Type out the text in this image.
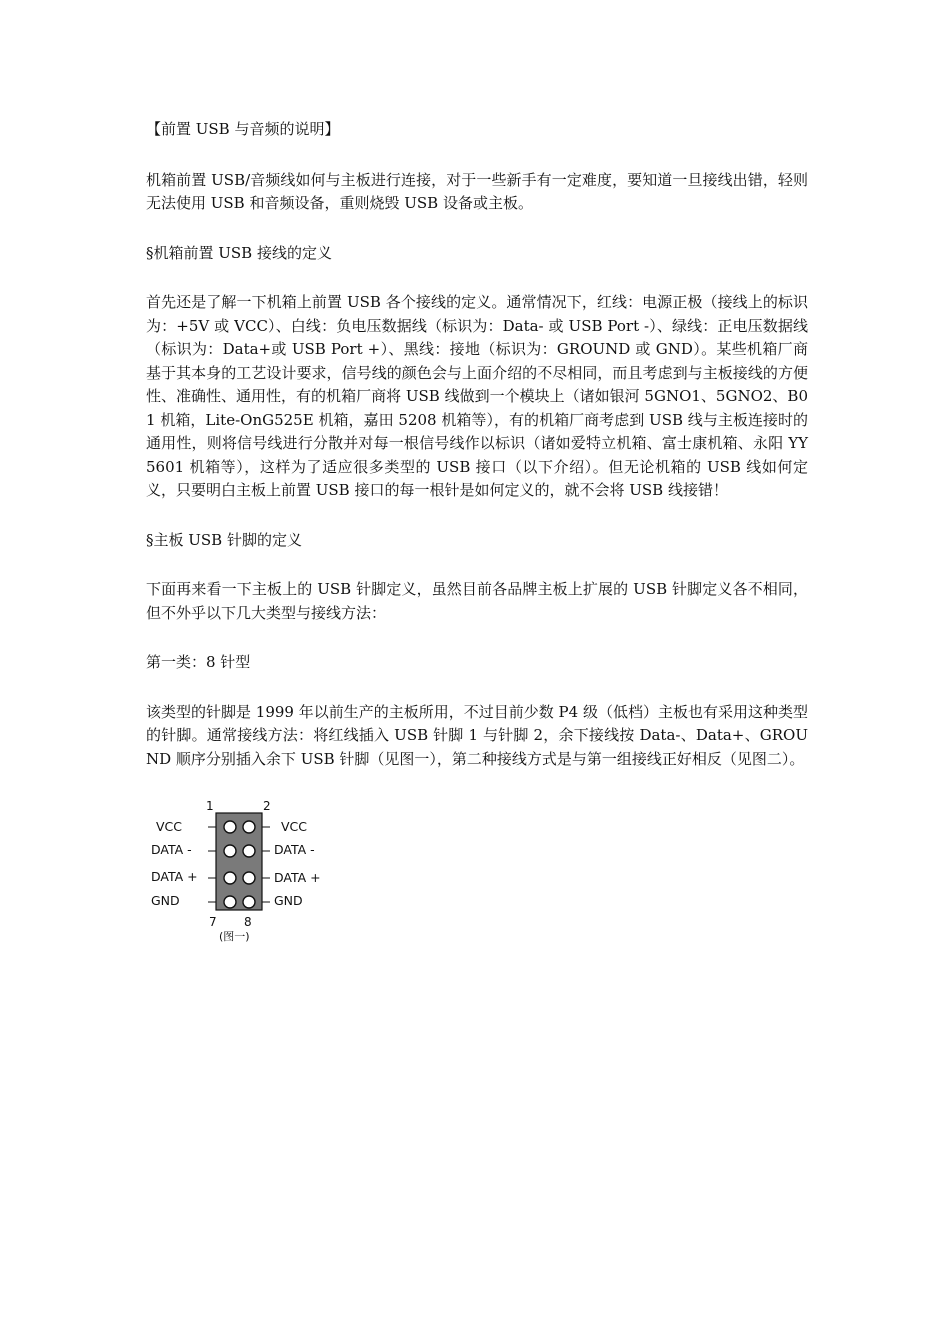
【前置 USB 与音频的说明】

机箱前置 USB/音频线如何与主板进行连接，对于一些新手有一定难度，要知道一旦接线出错，轻则无法使用 USB 和音频设备，重则烧毁 USB 设备或主板。

§机箱前置 USB 接线的定义

首先还是了解一下机箱上前置 USB 各个接线的定义。通常情况下，红线：电源正极（接线上的标识为：+5V 或 VCC）、白线：负电压数据线（标识为：Data- 或 USB Port -）、绿线：正电压数据线（标识为：Data+或 USB Port +）、黑线：接地（标识为：GROUND 或 GND）。某些机箱厂商基于其本身的工艺设计要求，信号线的颜色会与上面介绍的不尽相同，而且考虑到与主板接线的方便性、准确性、通用性，有的机箱厂商将 USB 线做到一个模块上（诸如银河 5GNO1、5GNO2、B01 机箱，Lite-OnG525E 机箱，嘉田 5208 机箱等），有的机箱厂商考虑到 USB 线与主板连接时的通用性，则将信号线进行分散并对每一根信号线作以标识（诸如爱特立机箱、富士康机箱、永阳 YY5601 机箱等），这样为了适应很多类型的 USB 接口（以下介绍）。但无论机箱的 USB 线如何定义，只要明白主板上前置 USB 接口的每一根针是如何定义的，就不会将 USB 线接错！

§主板 USB 针脚的定义

下面再来看一下主板上的 USB 针脚定义，虽然目前各品牌主板上扩展的 USB 针脚定义各不相同，但不外乎以下几大类型与接线方法：

第一类：8 针型

该类型的针脚是 1999 年以前生产的主板所用，不过目前少数 P4 级（低档）主板也有采用这种类型的针脚。通常接线方法：将红线插入 USB 针脚 1 与针脚 2，余下接线按 Data-、Data+、GROUND 顺序分别插入余下 USB 针脚（见图一），第二种接线方式是与第一组接线正好相反（见图二）。

1	2
VCC
DATA -
DATA +
GND
VCC
DATA -
DATA +
GND
7 8
(图一)
